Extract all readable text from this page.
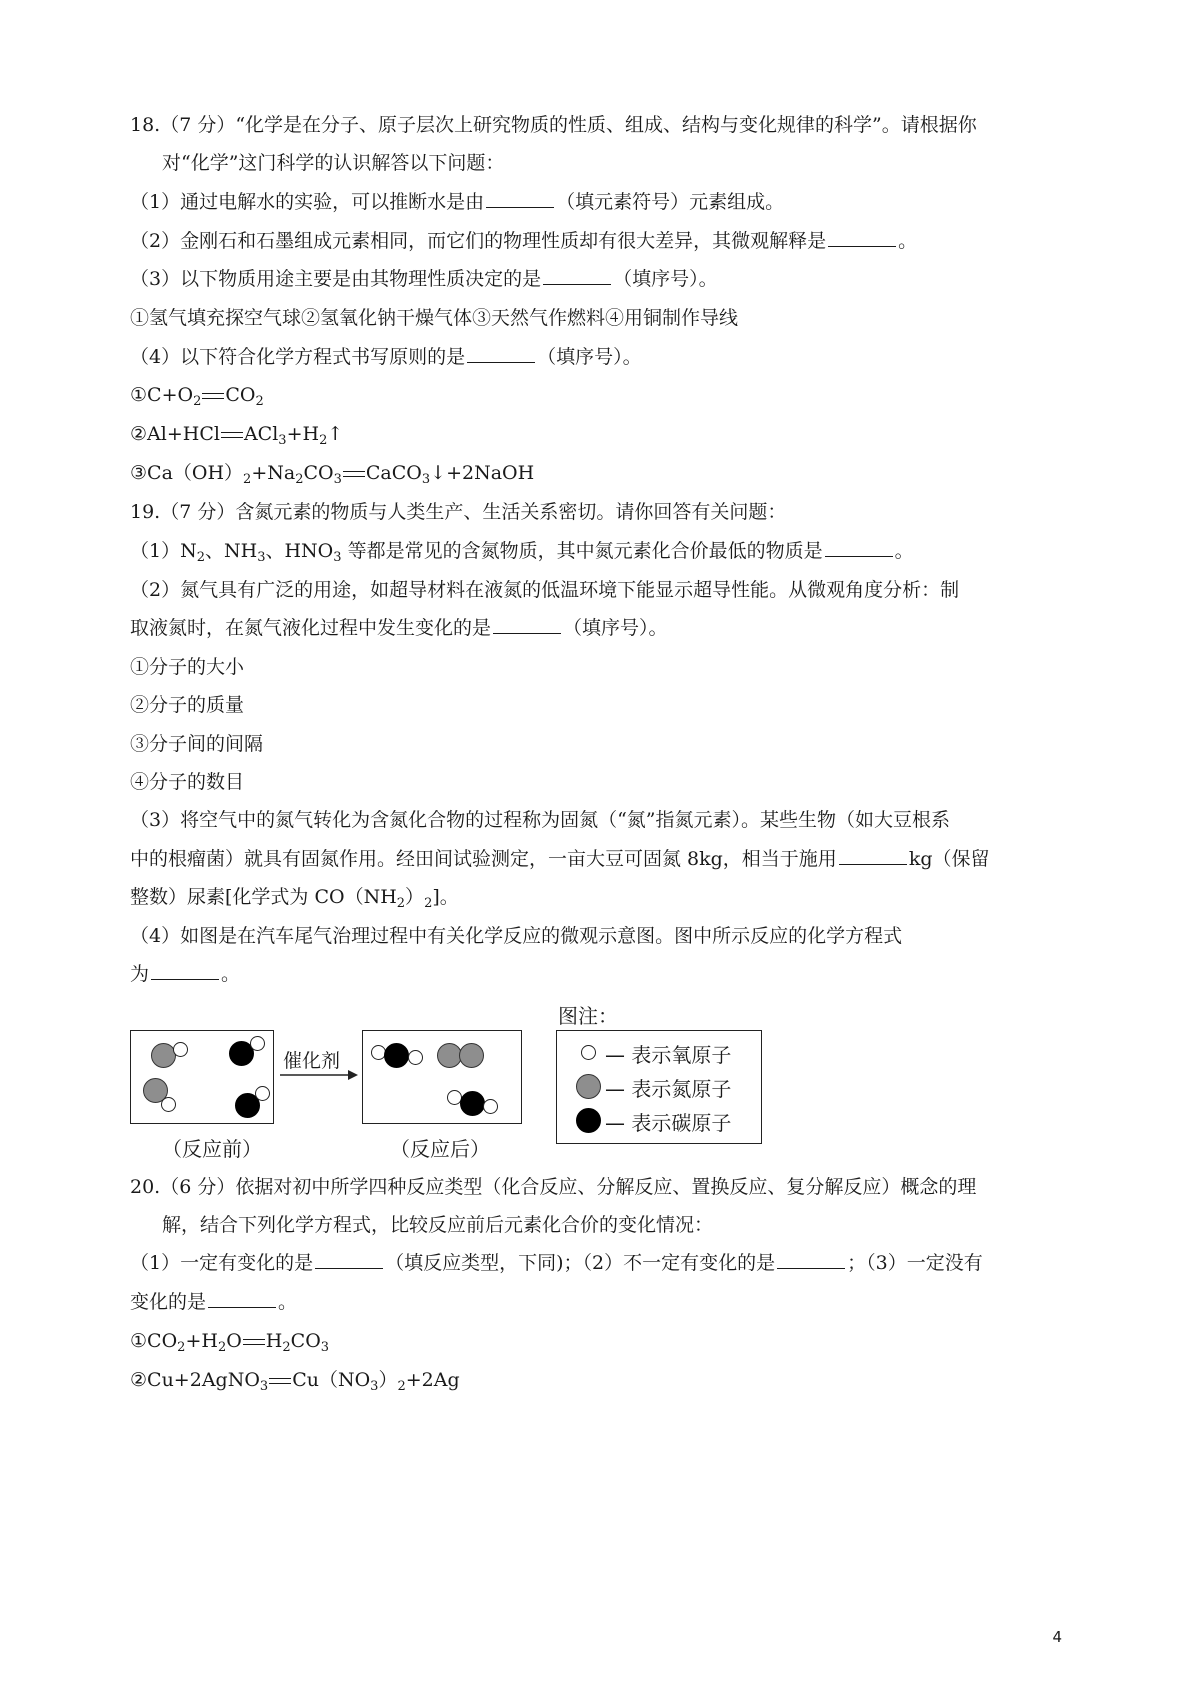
18.（7 分）“化学是在分子、原子层次上研究物质的性质、组成、结构与变化规律的科学”。请根据你
对“化学”这门科学的认识解答以下问题：
（1）通过电解水的实验，可以推断水是由	（填元素符号）元素组成。
（2）金刚石和石墨组成元素相同，而它们的物理性质却有很大差异，其微观解释是	。
（3）以下物质用途主要是由其物理性质决定的是	（填序号）。
①氢气填充探空气球②氢氧化钠干燥气体③天然气作燃料④用铜制作导线
（4）以下符合化学方程式书写原则的是	（填序号）。
$①C+O_2$ $CO_2$
②Al+HCl $ACl_3+H_2↑$
$③Ca(OH)_2+Na_2CO_3$ CaCO$_3$↓+2NaOH
19.（7 分）含氮元素的物质与人类生产、生活关系密切。请你回答有关问题：
$(1)N_2$、$NH_3$、$HNO_3$ 等都是常见的含氮物质，其中氮元素化合价最低的物质是	。
（2）氮气具有广泛的用途，如超导材料在液氮的低温环境下能显示超导性能。从微观角度分析：制
取液氮时，在氮气液化过程中发生变化的是	（填序号）。
①分子的大小
②分子的质量
③分子间的间隔
④分子的数目
（3）将空气中的氮气转化为含氮化合物的过程称为固氮（“氮”指氮元素）。某些生物（如大豆根系
中的根瘤菌）就具有固氮作用。经田间试验测定，一亩大豆可固氮 8kg，相当于施用	kg（保留
整数）尿素[化学式为 $CO(NH_2)_2$]。
（4）如图是在汽车尾气治理过程中有关化学反应的微观示意图。图中所示反应的化学方程式
为	。
（反应前）
催化剂
（反应后）
图注：
— 表示氧原子
— 表示氮原子
— 表示碳原子
20.（6 分）依据对初中所学四种反应类型（化合反应、分解反应、置换反应、复分解反应）概念的理
解，结合下列化学方程式，比较反应前后元素化合价的变化情况：
（1）一定有变化的是	（填反应类型，下同)；（2）不一定有变化的是	；（3）一定没有
变化的是	。
$①CO_2+H_2O$ $H_2CO_3$
②Cu+2AgNO$_3$ $Cu(NO_3)_2+2Ag$
4
